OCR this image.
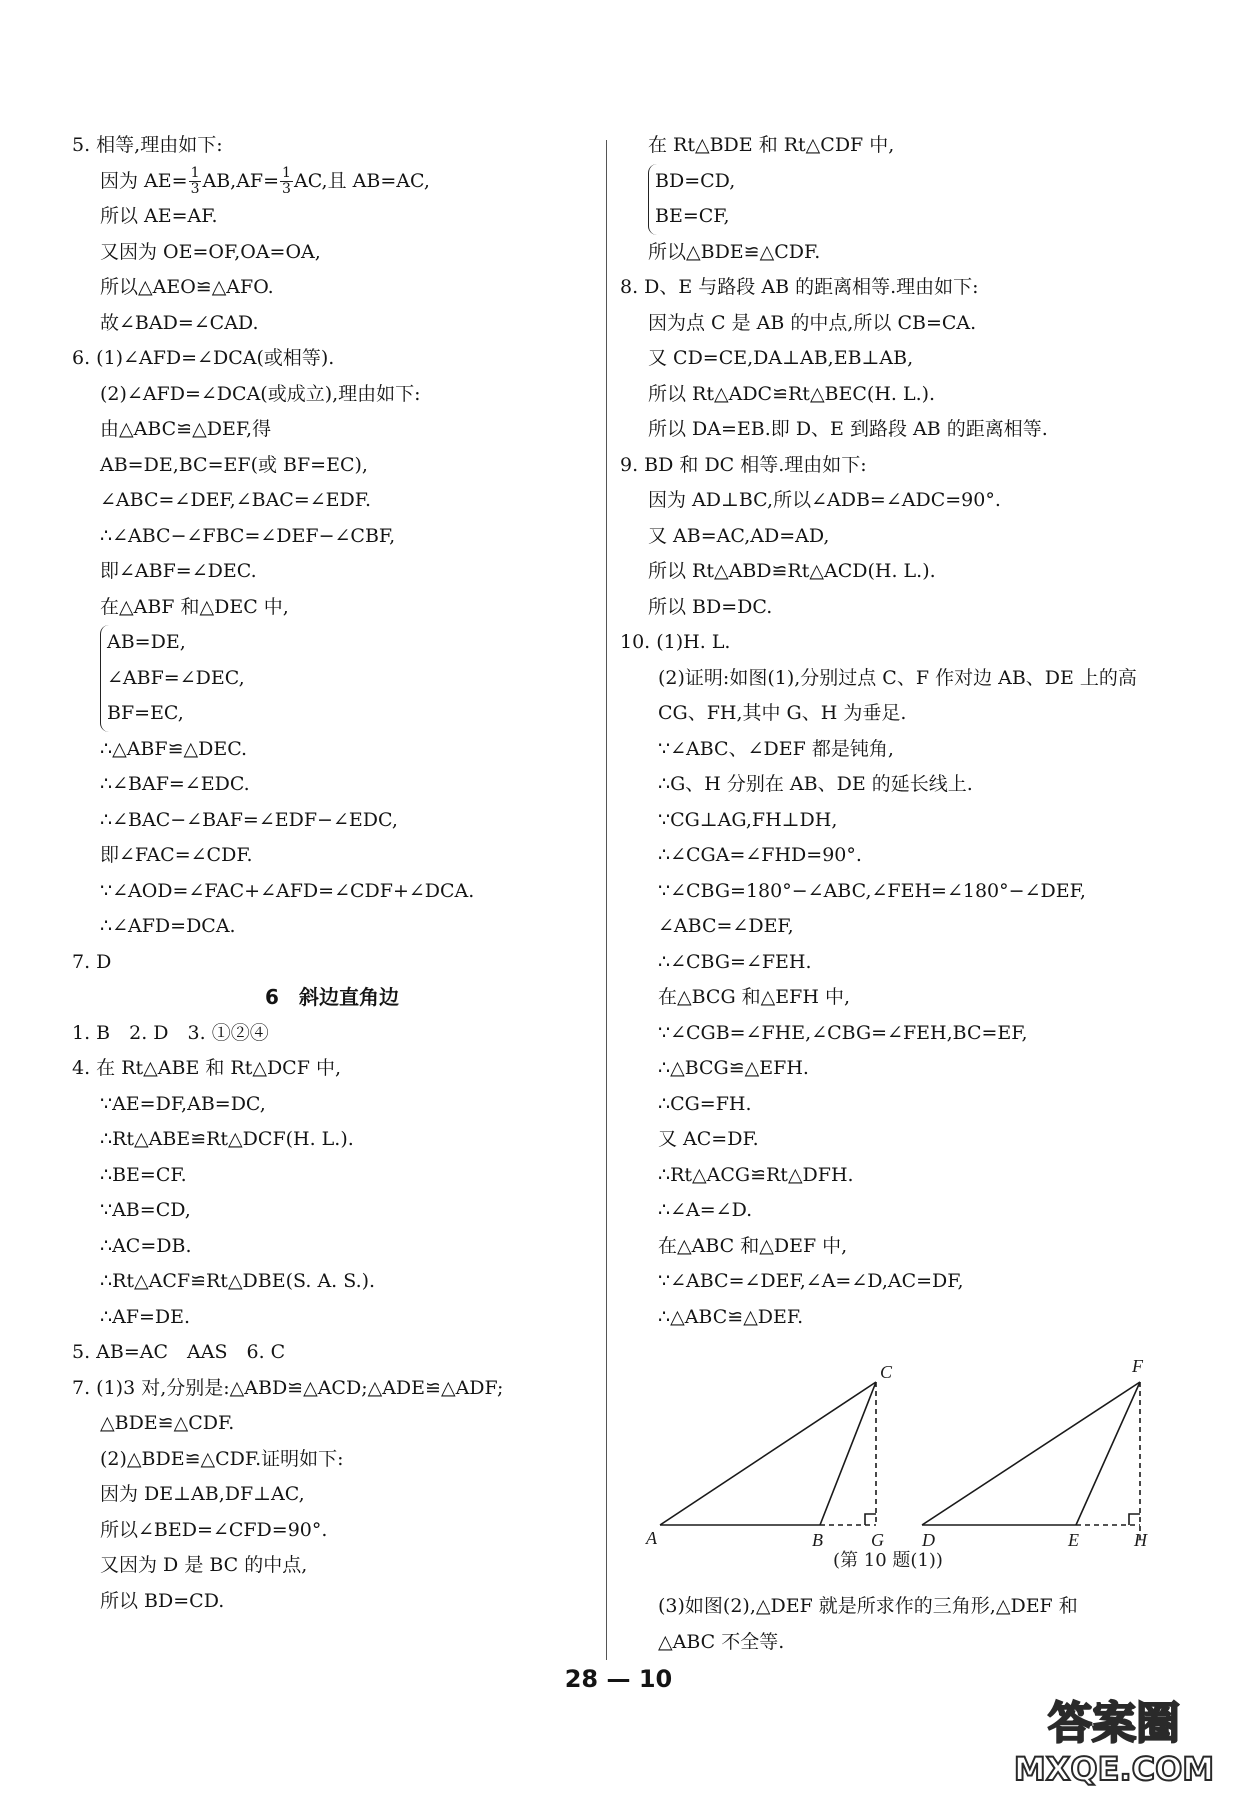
5. 相等,理由如下:
因为 $AE= \frac{1}{3} AB,AF= \frac{1}{3}$ AC,且 AB=AC,
所以 AE=AF.
又因为 OE=OF,OA=OA,
所以△AEO≌△AFO.
故∠BAD=∠CAD.
6. (1)∠AFD=∠DCA(或相等).
(2)∠AFD=∠DCA(或成立),理由如下:
由△ABC≌△DEF,得
AB=DE,BC=EF(或 BF=EC),
∠ABC=∠DEF,∠BAC=∠EDF.
∴∠ABC−∠FBC=∠DEF−∠CBF,
即∠ABF=∠DEC.
在△ABF 和△DEC 中,
AB=DE,
∠ABF=∠DEC,
BF=EC,
∴△ABF≌△DEC.
∴∠BAF=∠EDC.
∴∠BAC−∠BAF=∠EDF−∠EDC,
即∠FAC=∠CDF.
∵∠AOD=∠FAC+∠AFD=∠CDF+∠DCA.
∴∠AFD=DCA.
7. D
6　斜边直角边
1. B　2. D　3. ①②④
4. 在 Rt△ABE 和 Rt△DCF 中,
∵AE=DF,AB=DC,
∴Rt△ABE≌Rt△DCF(H. L.).
∴BE=CF.
∵AB=CD,
∴AC=DB.
∴Rt△ACF≌Rt△DBE(S. A. S.).
∴AF=DE.
5. AB=AC　AAS　6. C
7. (1)3 对,分别是:△ABD≌△ACD;△ADE≌△ADF;
△BDE≌△CDF.
(2)△BDE≌△CDF.证明如下:
因为 DE⊥AB,DF⊥AC,
所以∠BED=∠CFD=90°.
又因为 D 是 BC 的中点,
所以 BD=CD.
在 Rt△BDE 和 Rt△CDF 中,
BD=CD,
BE=CF,
所以△BDE≌△CDF.
8. D、E 与路段 AB 的距离相等.理由如下:
因为点 C 是 AB 的中点,所以 CB=CA.
又 CD=CE,DA⊥AB,EB⊥AB,
所以 Rt△ADC≌Rt△BEC(H. L.).
所以 DA=EB.即 D、E 到路段 AB 的距离相等.
9. BD 和 DC 相等.理由如下:
因为 AD⊥BC,所以∠ADB=∠ADC=90°.
又 AB=AC,AD=AD,
所以 Rt△ABD≌Rt△ACD(H. L.).
所以 BD=DC.
10. (1)H. L.
(2)证明:如图(1),分别过点 C、F 作对边 AB、DE 上的高
CG、FH,其中 G、H 为垂足.
∵∠ABC、∠DEF 都是钝角,
∴G、H 分别在 AB、DE 的延长线上.
∵CG⊥AG,FH⊥DH,
∴∠CGA=∠FHD=90°.
∵∠CBG=180°−∠ABC,∠FEH=∠180°−∠DEF,
∠ABC=∠DEF,
∴∠CBG=∠FEH.
在△BCG 和△EFH 中,
∵∠CGB=∠FHE,∠CBG=∠FEH,BC=EF,
∴△BCG≌△EFH.
∴CG=FH.
又 AC=DF.
∴Rt△ACG≌Rt△DFH.
∴∠A=∠D.
在△ABC 和△DEF 中,
∵∠ABC=∠DEF,∠A=∠D,AC=DF,
∴△ABC≌△DEF.
(3)如图(2),△DEF 就是所求作的三角形,△DEF 和
△ABC 不全等.
A	B	G
C
D	E	H
F
(第 10 题(1))
28 — 10
答案圈
MXQE.COM
